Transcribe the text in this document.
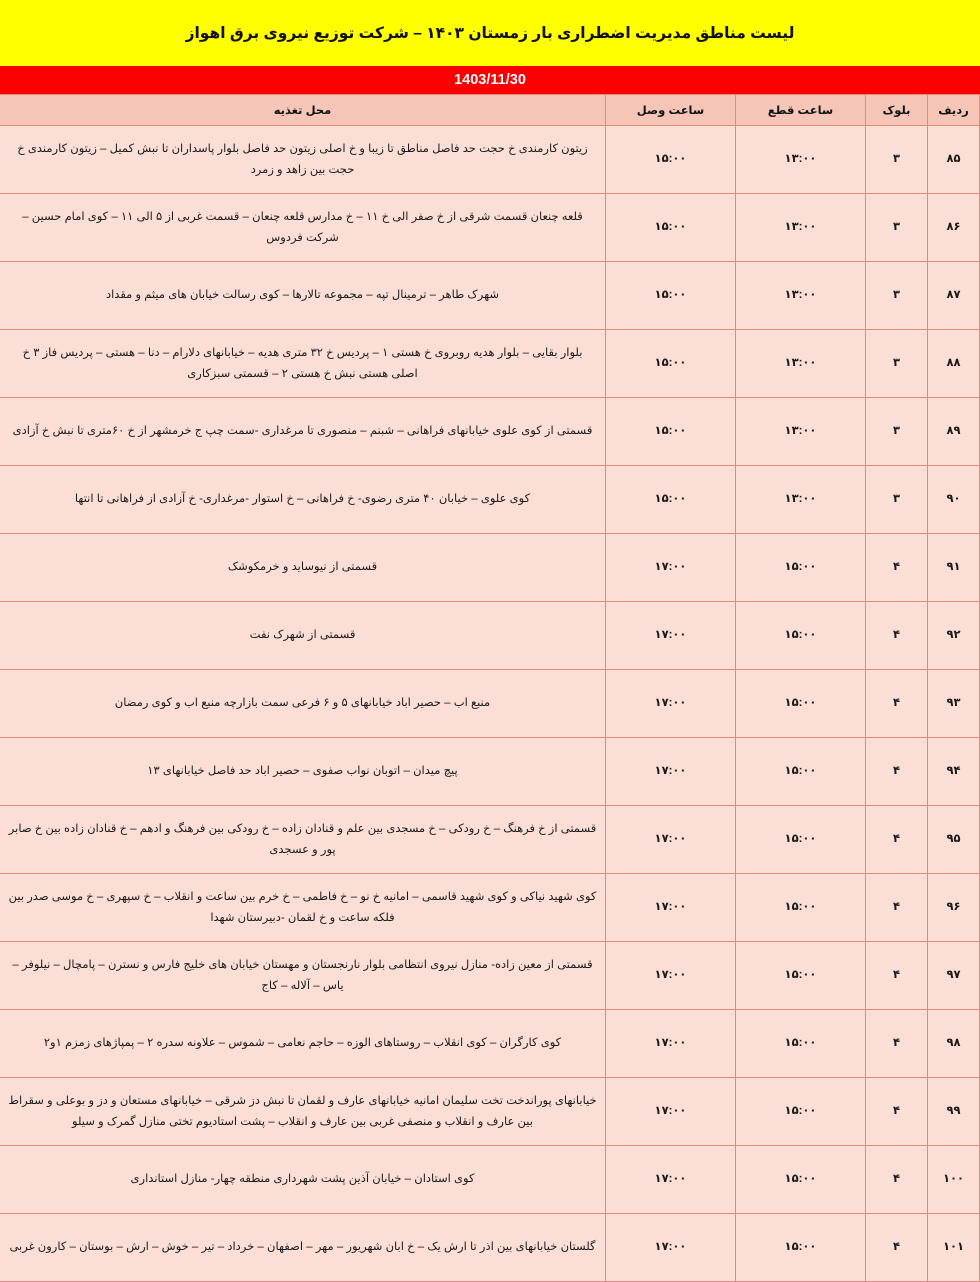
لیست مناطق مدیریت اضطراری بار زمستان ۱۴۰۳ – شرکت توزیع نیروی برق اهواز
1403/11/30
ردیف	بلوک	ساعت قطع	ساعت وصل	محل تغذیه
۸۵	۳	۱۳:۰۰	۱۵:۰۰	زیتون کارمندی خ حجت حد فاصل مناطق تا زیبا و خ اصلی زیتون حد فاصل بلوار پاسداران تا نبش کمیل – زیتون کارمندی خ حجت بین زاهد و زمرد
۸۶	۳	۱۳:۰۰	۱۵:۰۰	قلعه چنعان قسمت شرقی از خ صفر الی خ ۱۱ – خ مدارس قلعه چنعان – قسمت غربی از ۵ الی ۱۱ – کوی امام حسین – شرکت فردوس
۸۷	۳	۱۳:۰۰	۱۵:۰۰	شهرک طاهر – ترمینال تپه – مجموعه تالارها – کوی رسالت خیابان های میثم و مقداد
۸۸	۳	۱۳:۰۰	۱۵:۰۰	بلوار بقایی – بلوار هدیه روبروی خ هستی ۱ – پردیس خ ۳۲ متری هدیه – خیابانهای دلارام – دنا – هستی – پردیس فاز ۳ خ اصلی هستی نبش خ هستی ۲ – قسمتی سبزکاری
۸۹	۳	۱۳:۰۰	۱۵:۰۰	قسمتی از کوی علوی خیابانهای فراهانی – شبنم – منصوری تا مرغداری -سمت چپ ج خرمشهر از خ ۶۰متری تا نبش خ آزادی
۹۰	۳	۱۳:۰۰	۱۵:۰۰	کوی علوی – خیابان ۴۰ متری رضوی- خ فراهانی – خ استوار -مرغداری- خ آزادی از فراهانی تا انتها
۹۱	۴	۱۵:۰۰	۱۷:۰۰	قسمتی از نیوساید و خرمکوشک
۹۲	۴	۱۵:۰۰	۱۷:۰۰	قسمتی از شهرک نفت
۹۳	۴	۱۵:۰۰	۱۷:۰۰	منبع اب – حصیر اباد خیابانهای ۵ و ۶ فرعی سمت بازارچه منبع اب و کوی رمضان
۹۴	۴	۱۵:۰۰	۱۷:۰۰	پیچ میدان – اتوبان نواب صفوی – حصیر اباد حد فاصل خیابانهای ۱۳
۹۵	۴	۱۵:۰۰	۱۷:۰۰	قسمتی از خ فرهنگ – خ رودکی – خ مسجدی بین علم و قنادان زاده – خ رودکی بین فرهنگ و ادهم – خ قنادان زاده بین خ صابر پور و عسجدی
۹۶	۴	۱۵:۰۰	۱۷:۰۰	کوی شهید نیاکی و کوی شهید قاسمی – امانیه خ نو – خ فاطمی – خ خرم بین ساعت و انقلاب – خ سپهری – خ موسی صدر بین فلکه ساعت و خ لقمان -دبیرستان شهدا
۹۷	۴	۱۵:۰۰	۱۷:۰۰	قسمتی از معین زاده- منازل نیروی انتظامی بلوار نارنجستان و مهستان خیابان های خلیج فارس و نسترن – پامچال – نیلوفر – یاس – آلاله – کاج
۹۸	۴	۱۵:۰۰	۱۷:۰۰	کوی کارگران – کوی انقلاب – روستاهای الوزه – حاجم نعامی – شموس – علاونه سدره ۲ – پمپاژهای زمزم ۱و۲
۹۹	۴	۱۵:۰۰	۱۷:۰۰	خیابانهای پوراندخت تخت سلیمان امانیه خیابانهای عارف و لقمان تا نبش دز شرقی – خیابانهای مستعان و دز و بوعلی و سقراط بین عارف و انقلاب و منصفی غربی بین عارف و انقلاب – پشت استادیوم تختی منازل گمرک و سیلو
۱۰۰	۴	۱۵:۰۰	۱۷:۰۰	کوی استادان – خیابان آذین پشت شهرداری منطقه چهار- منازل استانداری
۱۰۱	۴	۱۵:۰۰	۱۷:۰۰	گلستان خیابانهای بین اذر تا ارش یک – خ ابان شهریور – مهر – اصفهان – خرداد – تیر – خوش – ارش – بوستان – کارون غربی
